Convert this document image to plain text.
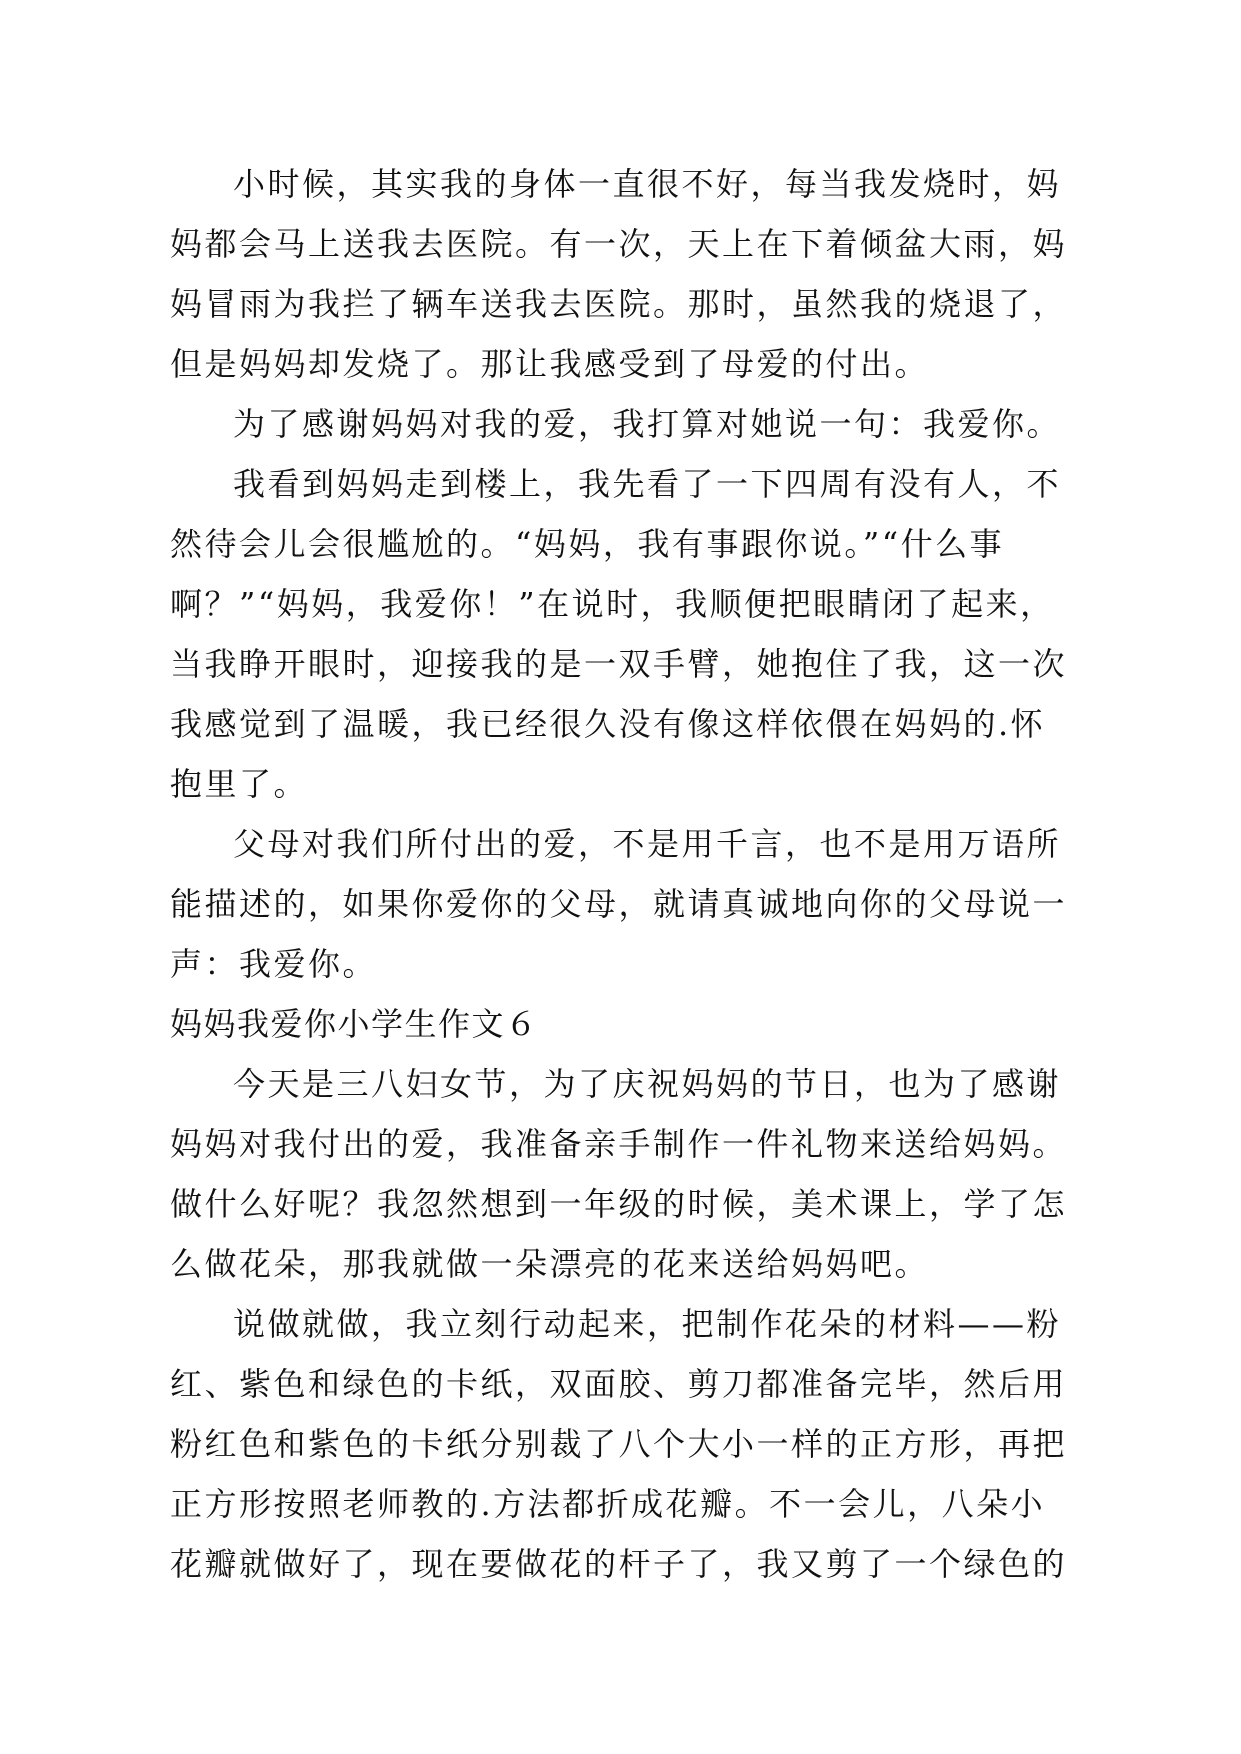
小时候，其实我的身体一直很不好，每当我发烧时，妈
妈都会马上送我去医院。有一次，天上在下着倾盆大雨，妈
妈冒雨为我拦了辆车送我去医院。那时，虽然我的烧退了，
但是妈妈却发烧了。那让我感受到了母爱的付出。
为了感谢妈妈对我的爱，我打算对她说一句：我爱你。
我看到妈妈走到楼上，我先看了一下四周有没有人，不
然待会儿会很尴尬的。“妈妈，我有事跟你说。”“什么事
啊？”“妈妈，我爱你！”在说时，我顺便把眼睛闭了起来，
当我睁开眼时，迎接我的是一双手臂，她抱住了我，这一次
我感觉到了温暖，我已经很久没有像这样依偎在妈妈的.怀
抱里了。
父母对我们所付出的爱，不是用千言，也不是用万语所
能描述的，如果你爱你的父母，就请真诚地向你的父母说一
声：我爱你。
妈妈我爱你小学生作文６
今天是三八妇女节，为了庆祝妈妈的节日，也为了感谢
妈妈对我付出的爱，我准备亲手制作一件礼物来送给妈妈。
做什么好呢？我忽然想到一年级的时候，美术课上，学了怎
么做花朵，那我就做一朵漂亮的花来送给妈妈吧。
说做就做，我立刻行动起来，把制作花朵的材料——粉
红、紫色和绿色的卡纸，双面胶、剪刀都准备完毕，然后用
粉红色和紫色的卡纸分别裁了八个大小一样的正方形，再把
正方形按照老师教的.方法都折成花瓣。不一会儿，八朵小
花瓣就做好了，现在要做花的杆子了，我又剪了一个绿色的
